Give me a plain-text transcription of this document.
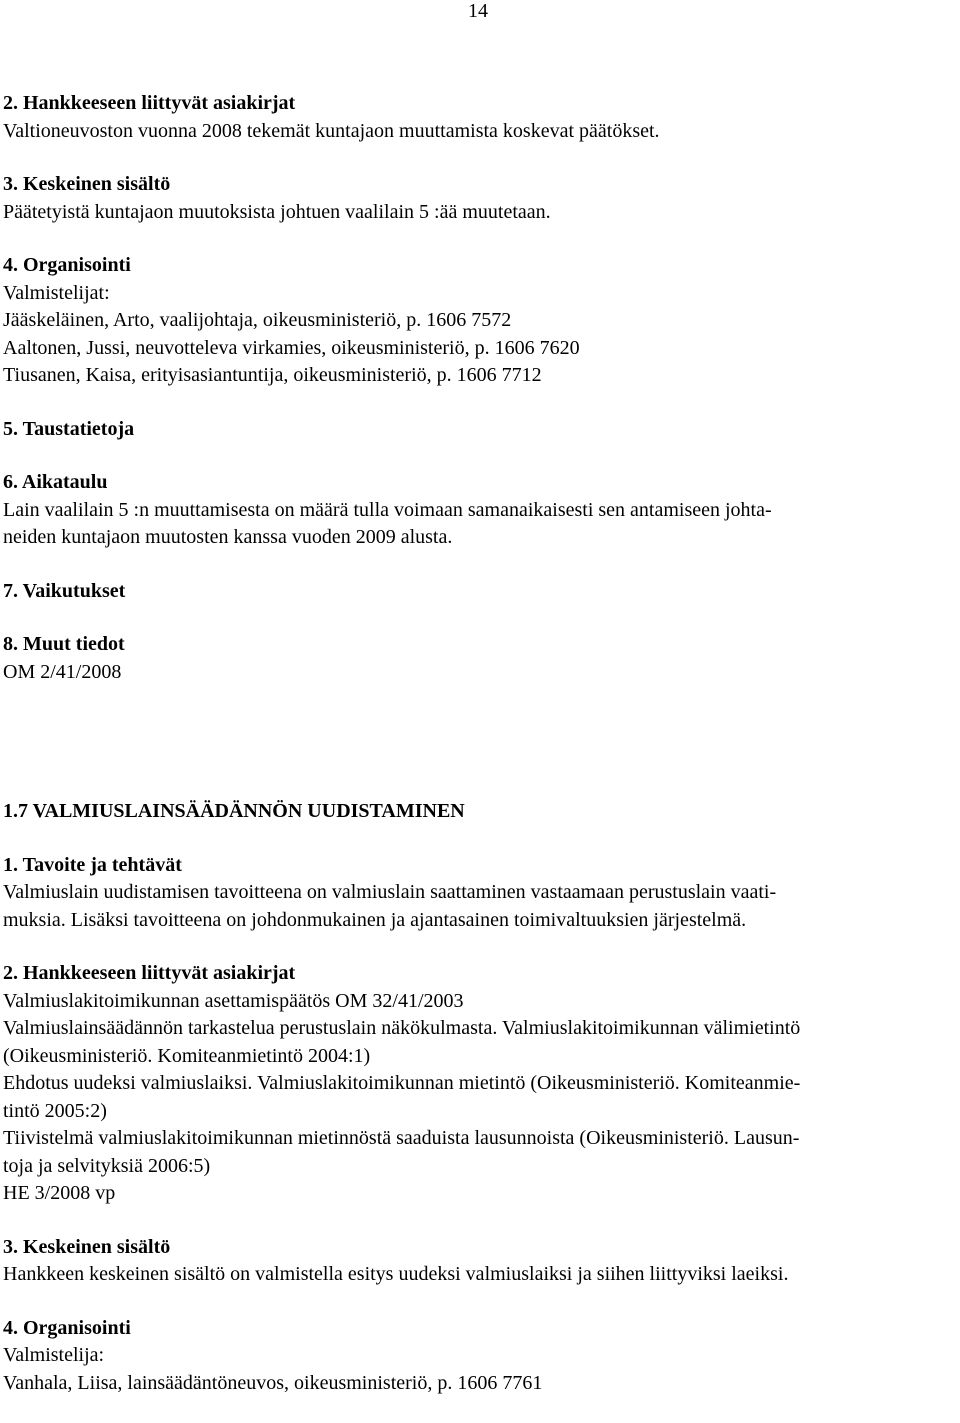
14
2. Hankkeeseen liittyvät asiakirjat
Valtioneuvoston vuonna 2008 tekemät kuntajaon muuttamista koskevat päätökset.
3. Keskeinen sisältö
Päätetyistä kuntajaon muutoksista johtuen vaalilain 5 :ää muutetaan.
4. Organisointi
Valmistelijat:
Jääskeläinen, Arto, vaalijohtaja, oikeusministeriö, p. 1606 7572
Aaltonen, Jussi, neuvotteleva virkamies, oikeusministeriö, p. 1606 7620
Tiusanen, Kaisa, erityisasiantuntija, oikeusministeriö, p. 1606 7712
5. Taustatietoja
6. Aikataulu
Lain vaalilain 5 :n muuttamisesta on määrä tulla voimaan samanaikaisesti sen antamiseen johta-
neiden kuntajaon muutosten kanssa vuoden 2009 alusta.
7. Vaikutukset
8. Muut tiedot
OM 2/41/2008
1.7 VALMIUSLAINSÄÄDÄNNÖN UUDISTAMINEN
1. Tavoite ja tehtävät
Valmiuslain uudistamisen tavoitteena on valmiuslain saattaminen vastaamaan perustuslain vaati-
muksia. Lisäksi tavoitteena on johdonmukainen ja ajantasainen toimivaltuuksien järjestelmä.
2. Hankkeeseen liittyvät asiakirjat
Valmiuslakitoimikunnan asettamispäätös OM 32/41/2003
Valmiuslainsäädännön tarkastelua perustuslain näkökulmasta. Valmiuslakitoimikunnan välimietintö
(Oikeusministeriö. Komiteanmietintö 2004:1)
Ehdotus uudeksi valmiuslaiksi. Valmiuslakitoimikunnan mietintö (Oikeusministeriö. Komiteanmie-
tintö 2005:2)
Tiivistelmä valmiuslakitoimikunnan mietinnöstä saaduista lausunnoista (Oikeusministeriö. Lausun-
toja ja selvityksiä 2006:5)
HE 3/2008 vp
3. Keskeinen sisältö
Hankkeen keskeinen sisältö on valmistella esitys uudeksi valmiuslaiksi ja siihen liittyviksi laeiksi.
4. Organisointi
Valmistelija:
Vanhala, Liisa, lainsäädäntöneuvos, oikeusministeriö, p. 1606 7761
